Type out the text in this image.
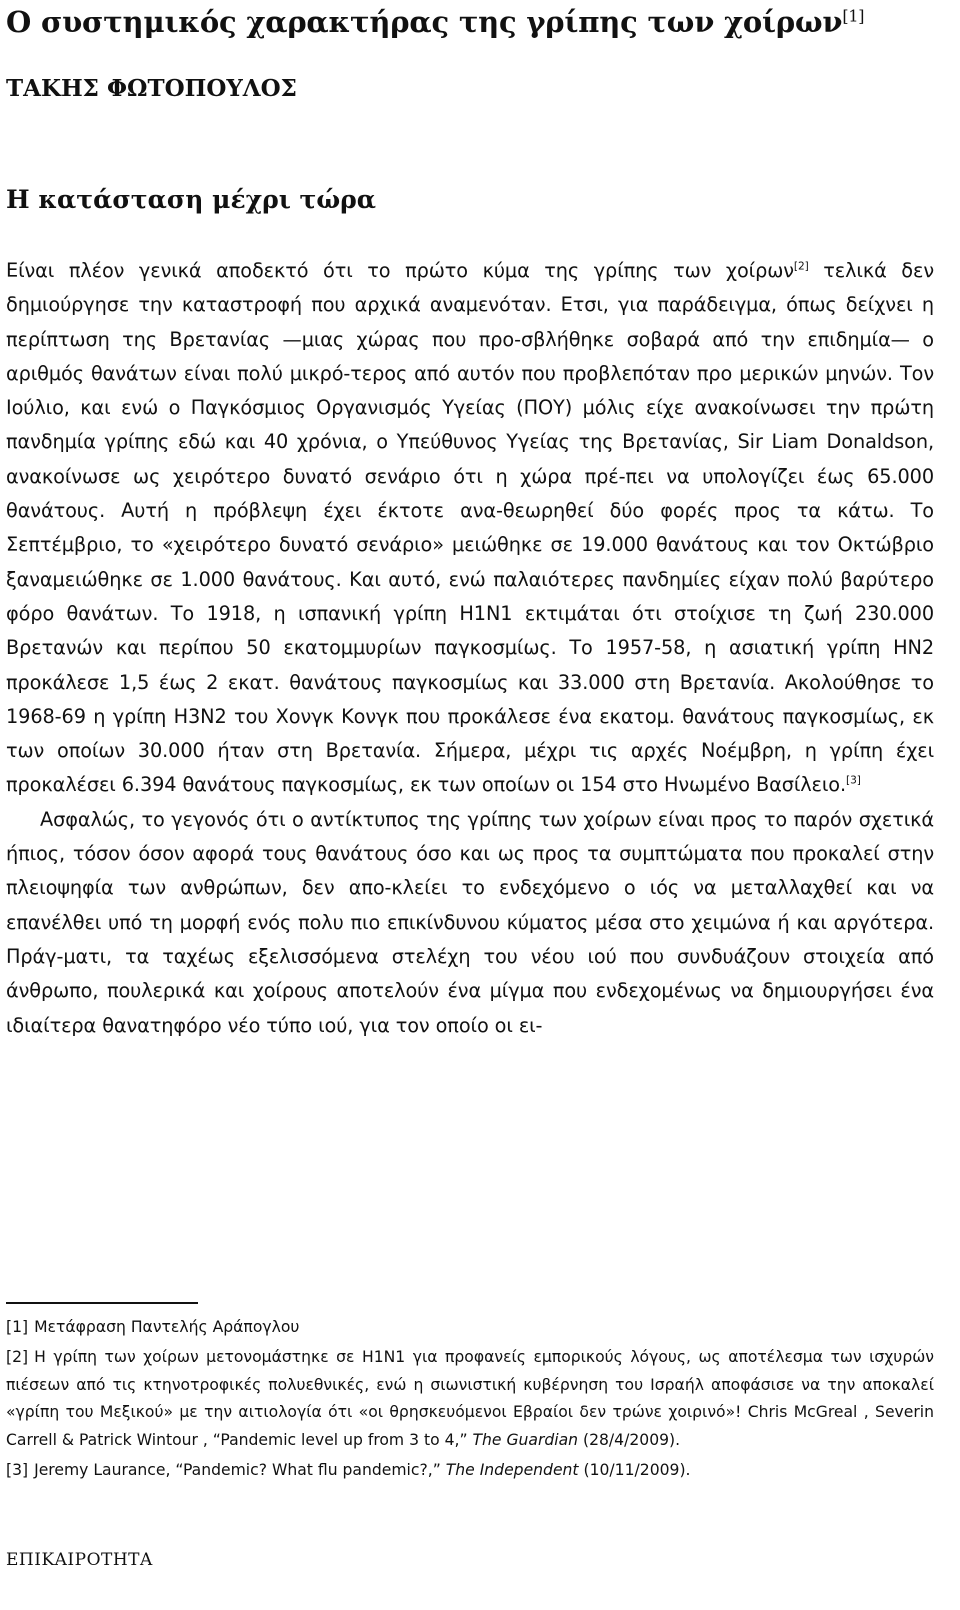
Ο συστημικός χαρακτήρας της γρίπης των χοίρων[1]
ΤΑΚΗΣ ΦΩΤΟΠΟΥΛΟΣ
Η κατάσταση μέχρι τώρα

Είναι πλέον γενικά αποδεκτό ότι το πρώτο κύμα της γρίπης των χοίρων[2] τελικά δεν δημιούργησε την καταστροφή που αρχικά αναμενόταν. Ετσι, για παράδειγμα, όπως δείχνει η περίπτωση της Βρετανίας —μιας χώρας που προ-σβλήθηκε σοβαρά από την επιδημία— ο αριθμός θανάτων είναι πολύ μικρό-τερος από αυτόν που προβλεπόταν προ μερικών μηνών. Τον Ιούλιο, και ενώ ο Παγκόσμιος Οργανισμός Υγείας (ΠΟΥ) μόλις είχε ανακοίνωσει την πρώτη πανδημία γρίπης εδώ και 40 χρόνια, ο Υπεύθυνος Υγείας της Βρετανίας, Sir Liam Donaldson, ανακοίνωσε ως χειρότερο δυνατό σενάριο ότι η χώρα πρέ-πει να υπολογίζει έως 65.000 θανάτους. Αυτή η πρόβλεψη έχει έκτοτε ανα-θεωρηθεί δύο φορές προς τα κάτω. Το Σεπτέμβριο, το «χειρότερο δυνατό σενάριο» μειώθηκε σε 19.000 θανάτους και τον Οκτώβριο ξαναμειώθηκε σε 1.000 θανάτους. Και αυτό, ενώ παλαιότερες πανδημίες είχαν πολύ βαρύτερο φόρο θανάτων. Το 1918, η ισπανική γρίπη H1N1 εκτιμάται ότι στοίχισε τη ζωή 230.000 Βρετανών και περίπου 50 εκατομμυρίων παγκοσμίως. Το 1957-58, η ασιατική γρίπη HN2 προκάλεσε 1,5 έως 2 εκατ. θανάτους παγκοσμίως και 33.000 στη Βρετανία. Ακολούθησε το 1968-69 η γρίπη H3N2 του Χονγκ Κονγκ που προκάλεσε ένα εκατομ. θανάτους παγκοσμίως, εκ των οποίων 30.000 ήταν στη Βρετανία. Σήμερα, μέχρι τις αρχές Νοέμβρη, η γρίπη έχει προκαλέσει 6.394 θανάτους παγκοσμίως, εκ των οποίων οι 154 στο Ηνωμένο Βασίλειο.[3]

Ασφαλώς, το γεγονός ότι ο αντίκτυπος της γρίπης των χοίρων είναι προς το παρόν σχετικά ήπιος, τόσον όσον αφορά τους θανάτους όσο και ως προς τα συμπτώματα που προκαλεί στην πλειοψηφία των ανθρώπων, δεν απο-κλείει το ενδεχόμενο ο ιός να μεταλλαχθεί και να επανέλθει υπό τη μορφή ενός πολυ πιο επικίνδυνου κύματος μέσα στο χειμώνα ή και αργότερα. Πράγ-ματι, τα ταχέως εξελισσόμενα στελέχη του νέου ιού που συνδυάζουν στοιχεία από άνθρωπο, πουλερικά και χοίρους αποτελούν ένα μίγμα που ενδεχομένως να δημιουργήσει ένα ιδιαίτερα θανατηφόρο νέο τύπο ιού, για τον οποίο οι ει-

[1] Μετάφραση Παντελής Αράπογλου

[2] Η γρίπη των χοίρων μετονομάστηκε σε H1N1 για προφανείς εμπορικούς λόγους, ως αποτέλεσμα των ισχυρών πιέσεων από τις κτηνοτροφικές πολυεθνικές, ενώ η σιωνιστική κυβέρνηση του Ισραήλ αποφάσισε να την αποκαλεί «γρίπη του Μεξικού» με την αιτιολογία ότι «οι θρησκευόμενοι Εβραίοι δεν τρώνε χοιρινό»! Chris McGreal , Severin Carrell & Patrick Wintour , “Pandemic level up from 3 to 4,” The Guardian (28/4/2009).

[3] Jeremy Laurance, “Pandemic? What flu pandemic?,” The Independent (10/11/2009).

ΕΠΙΚΑΙΡΟΤΗΤΑ
